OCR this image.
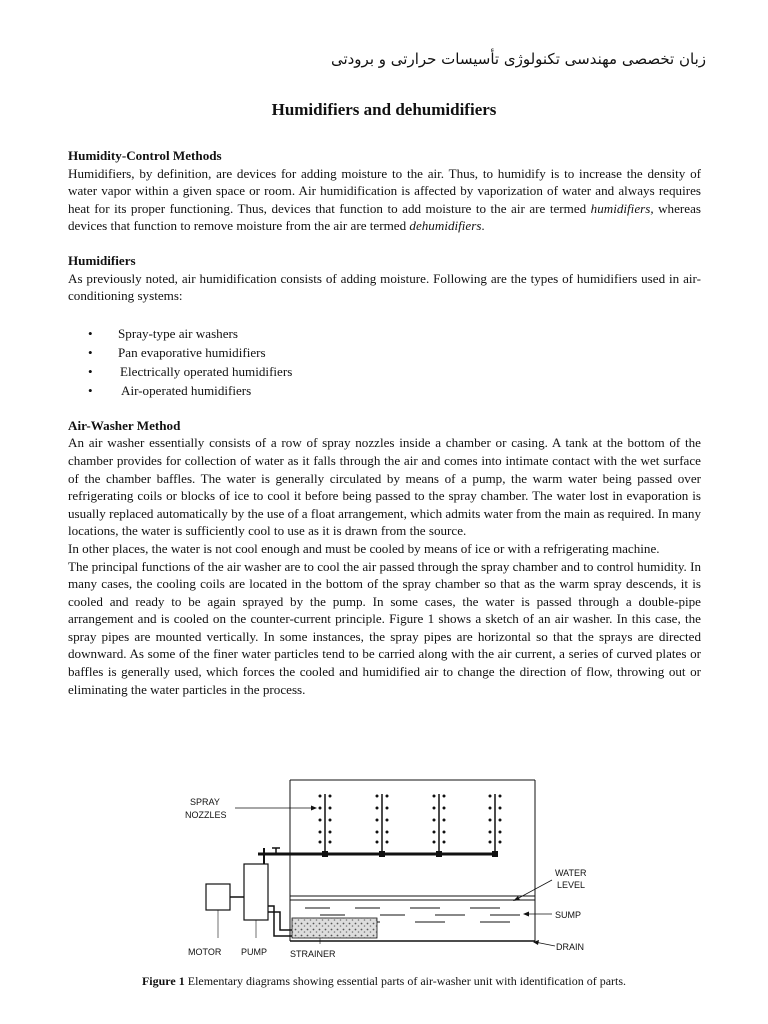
زبان تخصصی مهندسی تکنولوژی تأسیسات حرارتی و برودتی
Humidifiers and dehumidifiers

Humidity-Control Methods

Humidifiers, by definition, are devices for adding moisture to the air. Thus, to humidify is to increase the density of water vapor within a given space or room. Air humidification is affected by vaporization of water and always requires heat for its proper functioning. Thus, devices that function to add moisture to the air are termed humidifiers, whereas devices that function to remove moisture from the air are termed dehumidifiers.

Humidifiers

As previously noted, air humidification consists of adding moisture. Following are the types of humidifiers used in air-conditioning systems:

• Spray-type air washers
• Pan evaporative humidifiers
• Electrically operated humidifiers
• Air-operated humidifiers

Air-Washer Method

An air washer essentially consists of a row of spray nozzles inside a chamber or casing. A tank at the bottom of the chamber provides for collection of water as it falls through the air and comes into intimate contact with the wet surface of the chamber baffles. The water is generally circulated by means of a pump, the warm water being passed over refrigerating coils or blocks of ice to cool it before being passed to the spray chamber. The water lost in evaporation is usually replaced automatically by the use of a float arrangement, which admits water from the main as required. In many locations, the water is sufficiently cool to use as it is drawn from the source.

In other places, the water is not cool enough and must be cooled by means of ice or with a refrigerating machine.

The principal functions of the air washer are to cool the air passed through the spray chamber and to control humidity. In many cases, the cooling coils are located in the bottom of the spray chamber so that as the warm spray descends, it is cooled and ready to be again sprayed by the pump. In some cases, the water is passed through a double-pipe arrangement and is cooled on the counter-current principle. Figure 1 shows a sketch of an air washer. In this case, the spray pipes are mounted vertically. In some instances, the spray pipes are horizontal so that the sprays are directed downward. As some of the finer water particles tend to be carried along with the air current, a series of curved plates or baffles is generally used, which forces the cooled and humidified air to change the direction of flow, throwing out or eliminating the water particles in the process.

SPRAY
NOZZLES
WATER
LEVEL
SUMP
DRAIN
MOTOR PUMP	STRAINER
Figure 1 Elementary diagrams showing essential parts of air-washer unit with identification of parts.
